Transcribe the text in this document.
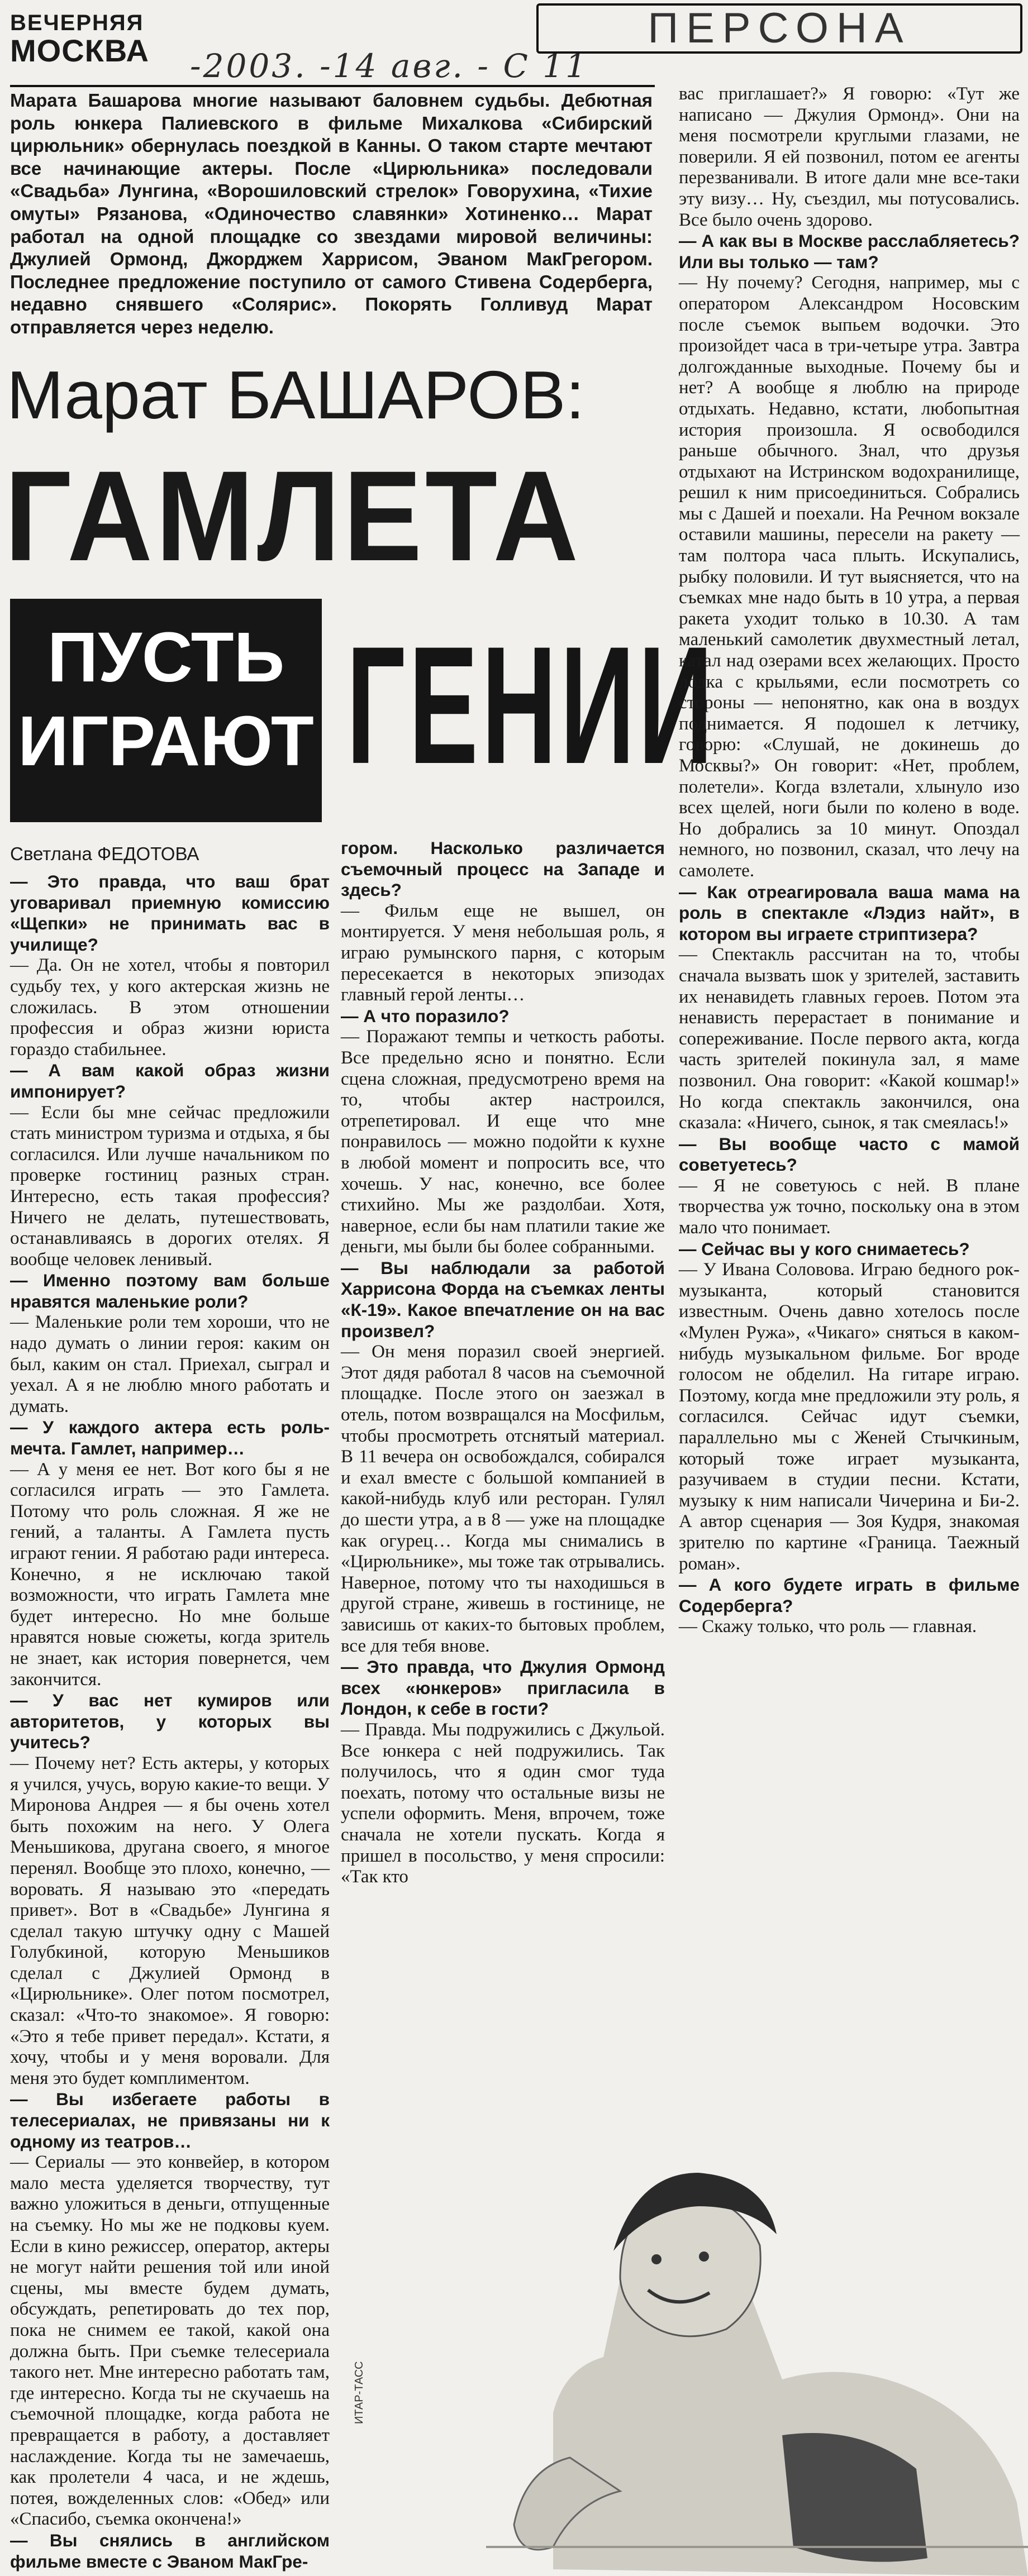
ВЕЧЕРНЯЯ
МОСКВА	-2003. -14 авг. - С 11
ПЕРСОНА
Марата Башарова многие называют баловнем судьбы. Дебютная роль юнкера Палиевского в фильме Михалкова «Сибирский цирюльник» обернулась поездкой в Канны. О таком старте мечтают все начинающие актеры. После «Цирюльника» последовали «Свадьба» Лунгина, «Ворошиловский стрелок» Говорухина, «Тихие омуты» Рязанова, «Одиночество славянки» Хотиненко… Марат работал на одной площадке со звездами мировой величины: Джулией Ормонд, Джорджем Харрисом, Эваном МакГрегором. Последнее предложение поступило от самого Стивена Содерберга, недавно снявшего «Солярис». Покорять Голливуд Марат отправляется через неделю.
Марат БАШАРОВ:
ГАМЛЕТА
ПУСТЬ
ИГРАЮТ ГЕНИИ
Светлана ФЕДОТОВА

— Это правда, что ваш брат уговаривал приемную комиссию «Щепки» не принимать вас в училище?

— Да. Он не хотел, чтобы я повторил судьбу тех, у кого актерская жизнь не сложилась. В этом отношении профессия и образ жизни юриста гораздо стабильнее.

— А вам какой образ жизни импонирует?

— Если бы мне сейчас предложили стать министром туризма и отдыха, я бы согласился. Или лучше начальником по проверке гостиниц разных стран. Интересно, есть такая профессия? Ничего не делать, путешествовать, останавливаясь в дорогих отелях. Я вообще человек ленивый.

— Именно поэтому вам больше нравятся маленькие роли?

— Маленькие роли тем хороши, что не надо думать о линии героя: каким он был, каким он стал. Приехал, сыграл и уехал. А я не люблю много работать и думать.

— У каждого актера есть роль-мечта. Гамлет, например…

— А у меня ее нет. Вот кого бы я не согласился играть — это Гамлета. Потому что роль сложная. Я же не гений, а таланты. А Гамлета пусть играют гении. Я работаю ради интереса. Конечно, я не исключаю такой возможности, что играть Гамлета мне будет интересно. Но мне больше нравятся новые сюжеты, когда зритель не знает, как история повернется, чем закончится.

— У вас нет кумиров или авторитетов, у которых вы учитесь?

— Почему нет? Есть актеры, у которых я учился, учусь, ворую какие-то вещи. У Миронова Андрея — я бы очень хотел быть похожим на него. У Олега Меньшикова, другана своего, я многое перенял. Вообще это плохо, конечно, — воровать. Я называю это «передать привет». Вот в «Свадьбе» Лунгина я сделал такую штучку одну с Машей Голубкиной, которую Меньшиков сделал с Джулией Ормонд в «Цирюльнике». Олег потом посмотрел, сказал: «Что-то знакомое». Я говорю: «Это я тебе привет передал». Кстати, я хочу, чтобы и у меня воровали. Для меня это будет комплиментом.

— Вы избегаете работы в телесериалах, не привязаны ни к одному из театров…

— Сериалы — это конвейер, в котором мало места уделяется творчеству, тут важно уложиться в деньги, отпущенные на съемку. Но мы же не подковы куем. Если в кино режиссер, оператор, актеры не могут найти решения той или иной сцены, мы вместе будем думать, обсуждать, репетировать до тех пор, пока не снимем ее такой, какой она должна быть. При съемке телесериала такого нет. Мне интересно работать там, где интересно. Когда ты не скучаешь на съемочной площадке, когда работа не превращается в работу, а доставляет наслаждение. Когда ты не замечаешь, как пролетели 4 часа, и не ждешь, потея, вожделенных слов: «Обед» или «Спасибо, съемка окончена!»

— Вы снялись в английском фильме вместе с Эваном МакГре-

гором. Насколько различается съемочный процесс на Западе и здесь?

— Фильм еще не вышел, он монтируется. У меня небольшая роль, я играю румынского парня, с которым пересекается в некоторых эпизодах главный герой ленты…

— А что поразило?

— Поражают темпы и четкость работы. Все предельно ясно и понятно. Если сцена сложная, предусмотрено время на то, чтобы актер настроился, отрепетировал. И еще что мне понравилось — можно подойти к кухне в любой момент и попросить все, что хочешь. У нас, конечно, все более стихийно. Мы же раздолбаи. Хотя, наверное, если бы нам платили такие же деньги, мы были бы более собранными.

— Вы наблюдали за работой Харрисона Форда на съемках ленты «К-19». Какое впечатление он на вас произвел?

— Он меня поразил своей энергией. Этот дядя работал 8 часов на съемочной площадке. После этого он заезжал в отель, потом возвращался на Мосфильм, чтобы просмотреть отснятый материал. В 11 вечера он освобождался, собирался и ехал вместе с большой компанией в какой-нибудь клуб или ресторан. Гулял до шести утра, а в 8 — уже на площадке как огурец… Когда мы снимались в «Цирюльнике», мы тоже так отрывались. Наверное, потому что ты находишься в другой стране, живешь в гостинице, не зависишь от каких-то бытовых проблем, все для тебя внове.

— Это правда, что Джулия Ормонд всех «юнкеров» пригласила в Лондон, к себе в гости?

— Правда. Мы подружились с Джульой. Все юнкера с ней подружились. Так получилось, что я один смог туда поехать, потому что остальные визы не успели оформить. Меня, впрочем, тоже сначала не хотели пускать. Когда я пришел в посольство, у меня спросили: «Так кто

вас приглашает?» Я говорю: «Тут же написано — Джулия Ормонд». Они на меня посмотрели круглыми глазами, не поверили. Я ей позвонил, потом ее агенты перезванивали. В итоге дали мне все-таки эту визу… Ну, съездил, мы потусовались. Все было очень здорово.

— А как вы в Москве расслабляетесь? Или вы только — там?

— Ну почему? Сегодня, например, мы с оператором Александром Носовским после съемок выпьем водочки. Это произойдет часа в три-четыре утра. Завтра долгожданные выходные. Почему бы и нет? А вообще я люблю на природе отдыхать. Недавно, кстати, любопытная история произошла. Я освободился раньше обычного. Знал, что друзья отдыхают на Истринском водохранилище, решил к ним присоединиться. Собрались мы с Дашей и поехали. На Речном вокзале оставили машины, пересели на ракету — там полтора часа плыть. Искупались, рыбку половили. И тут выясняется, что на съемках мне надо быть в 10 утра, а первая ракета уходит только в 10.30. А там маленький самолетик двухместный летал, катал над озерами всех желающих. Просто лодка с крыльями, если посмотреть со стороны — непонятно, как она в воздух поднимается. Я подошел к летчику, говорю: «Слушай, не докинешь до Москвы?» Он говорит: «Нет, проблем, полетели». Когда взлетали, хлынуло изо всех щелей, ноги были по колено в воде. Но добрались за 10 минут. Опоздал немного, но позвонил, сказал, что лечу на самолете.

— Как отреагировала ваша мама на роль в спектакле «Лэдиз найт», в котором вы играете стриптизера?

— Спектакль рассчитан на то, чтобы сначала вызвать шок у зрителей, заставить их ненавидеть главных героев. Потом эта ненависть перерастает в понимание и сопереживание. После первого акта, когда часть зрителей покинула зал, я маме позвонил. Она говорит: «Какой кошмар!» Но когда спектакль закончился, она сказала: «Ничего, сынок, я так смеялась!»

— Вы вообще часто с мамой советуетесь?

— Я не советуюсь с ней. В плане творчества уж точно, поскольку она в этом мало что понимает.

— Сейчас вы у кого снимаетесь?

— У Ивана Соловова. Играю бедного рок-музыканта, который становится известным. Очень давно хотелось после «Мулен Ружа», «Чикаго» сняться в каком-нибудь музыкальном фильме. Бог вроде голосом не обделил. На гитаре играю. Поэтому, когда мне предложили эту роль, я согласился. Сейчас идут съемки, параллельно мы с Женей Стычкиным, который тоже играет музыканта, разучиваем в студии песни. Кстати, музыку к ним написали Чичерина и Би-2. А автор сценария — Зоя Кудря, знакомая зрителю по картине «Граница. Таежный роман».

— А кого будете играть в фильме Содерберга?

— Скажу только, что роль — главная.

ИТАР-ТАСС
